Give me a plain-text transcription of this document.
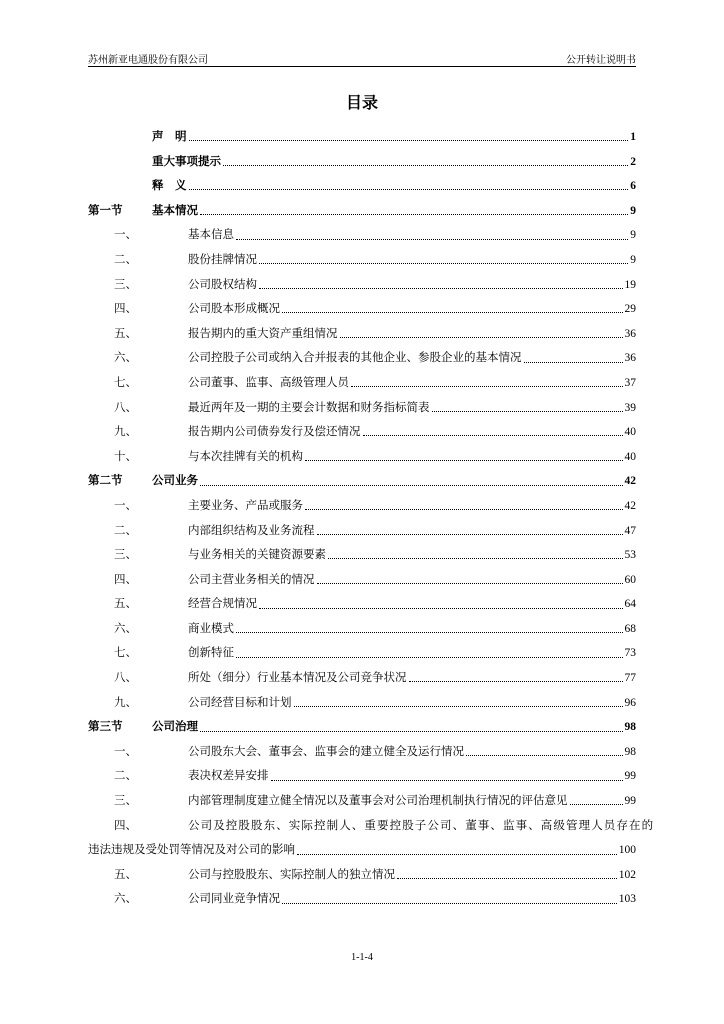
苏州新亚电通股份有限公司	公开转让说明书
目录
声　明	1
重大事项提示	2
释　义	6
第一节	基本情况	9
一、	基本信息	9
二、	股份挂牌情况	9
三、	公司股权结构	19
四、	公司股本形成概况	29
五、	报告期内的重大资产重组情况	36
六、	公司控股子公司或纳入合并报表的其他企业、参股企业的基本情况	36
七、	公司董事、监事、高级管理人员	37
八、	最近两年及一期的主要会计数据和财务指标简表	39
九、	报告期内公司债券发行及偿还情况	40
十、	与本次挂牌有关的机构	40
第二节	公司业务	42
一、	主要业务、产品或服务	42
二、	内部组织结构及业务流程	47
三、	与业务相关的关键资源要素	53
四、	公司主营业务相关的情况	60
五、	经营合规情况	64
六、	商业模式	68
七、	创新特征	73
八、	所处（细分）行业基本情况及公司竞争状况	77
九、	公司经营目标和计划	96
第三节	公司治理	98
一、	公司股东大会、董事会、监事会的建立健全及运行情况	98
二、	表决权差异安排	99
三、	内部管理制度建立健全情况以及董事会对公司治理机制执行情况的评估意见	99
四、	公司及控股股东、实际控制人、重要控股子公司、董事、监事、高级管理人员存在的
违法违规及受处罚等情况及对公司的影响	100
五、	公司与控股股东、实际控制人的独立情况	102
六、	公司同业竞争情况	103
1-1-4
